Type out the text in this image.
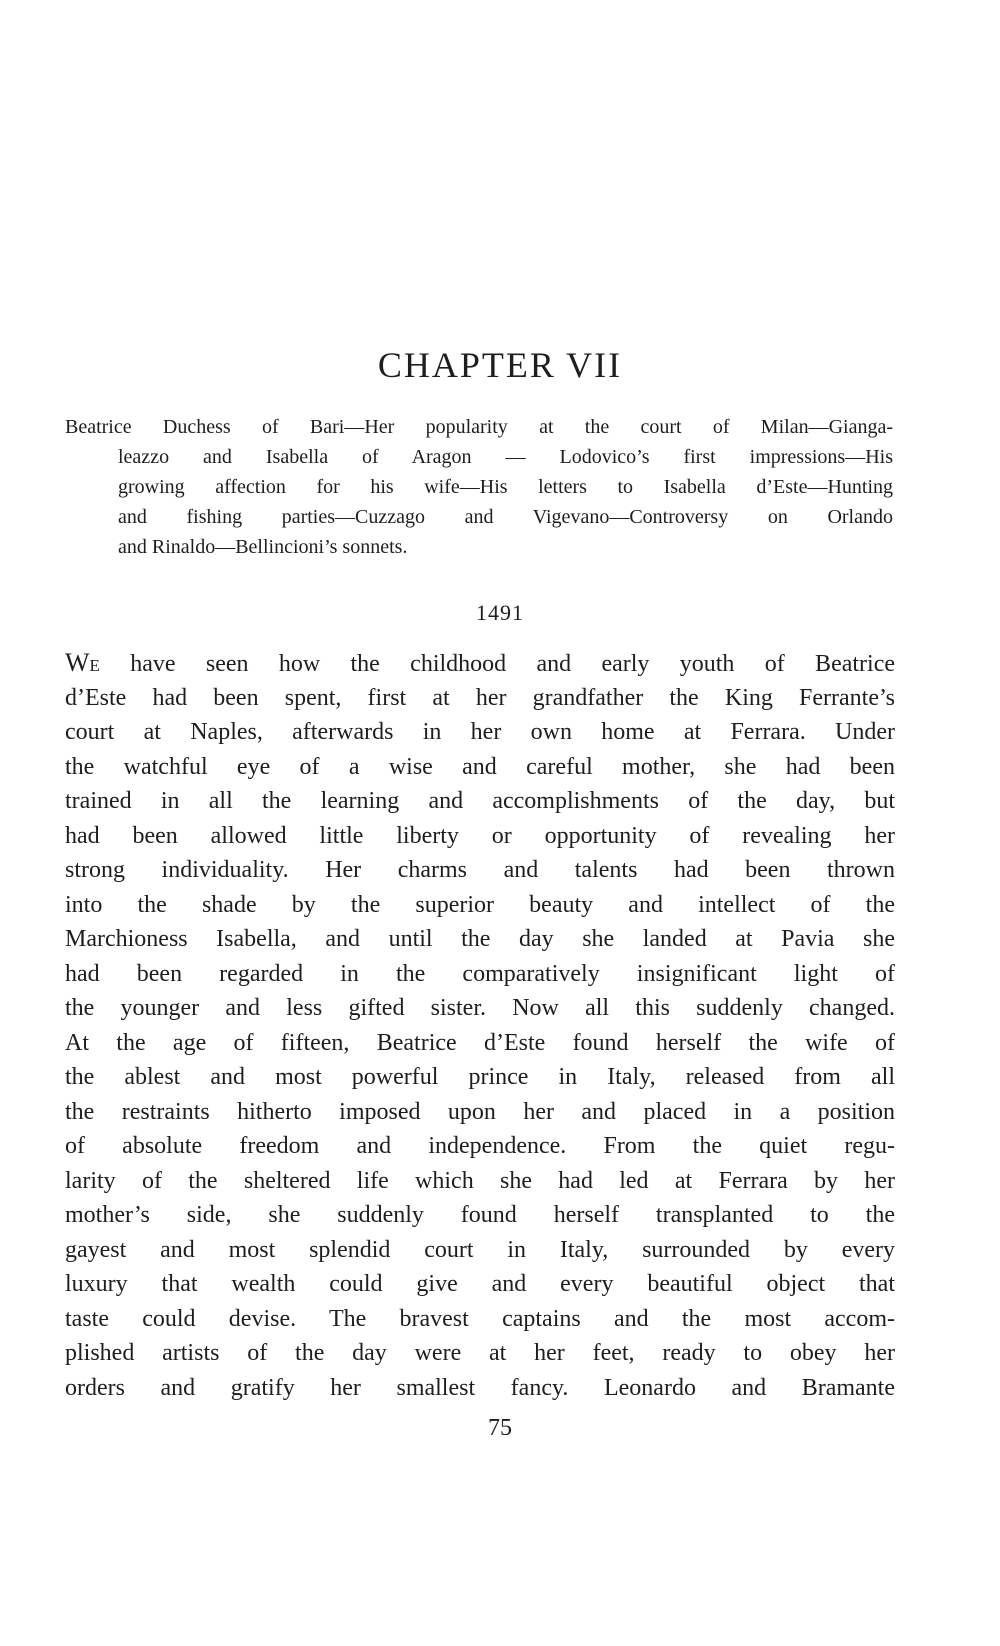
CHAPTER VII
Beatrice Duchess of Bari—Her popularity at the court of Milan—Gianga-
leazzo and Isabella of Aragon — Lodovico’s first impressions—His
growing affection for his wife—His letters to Isabella d’Este—Hunting
and fishing parties—Cuzzago and Vigevano—Controversy on Orlando
and Rinaldo—Bellincioni’s sonnets.
1491
WE have seen how the childhood and early youth of Beatrice
d’Este had been spent, first at her grandfather the King Ferrante’s
court at Naples, afterwards in her own home at Ferrara. Under
the watchful eye of a wise and careful mother, she had been
trained in all the learning and accomplishments of the day, but
had been allowed little liberty or opportunity of revealing her
strong individuality. Her charms and talents had been thrown
into the shade by the superior beauty and intellect of the
Marchioness Isabella, and until the day she landed at Pavia she
had been regarded in the comparatively insignificant light of
the younger and less gifted sister. Now all this suddenly changed.
At the age of fifteen, Beatrice d’Este found herself the wife of
the ablest and most powerful prince in Italy, released from all
the restraints hitherto imposed upon her and placed in a position
of absolute freedom and independence. From the quiet regu-
larity of the sheltered life which she had led at Ferrara by her
mother’s side, she suddenly found herself transplanted to the
gayest and most splendid court in Italy, surrounded by every
luxury that wealth could give and every beautiful object that
taste could devise. The bravest captains and the most accom-
plished artists of the day were at her feet, ready to obey her
orders and gratify her smallest fancy. Leonardo and Bramante
75
